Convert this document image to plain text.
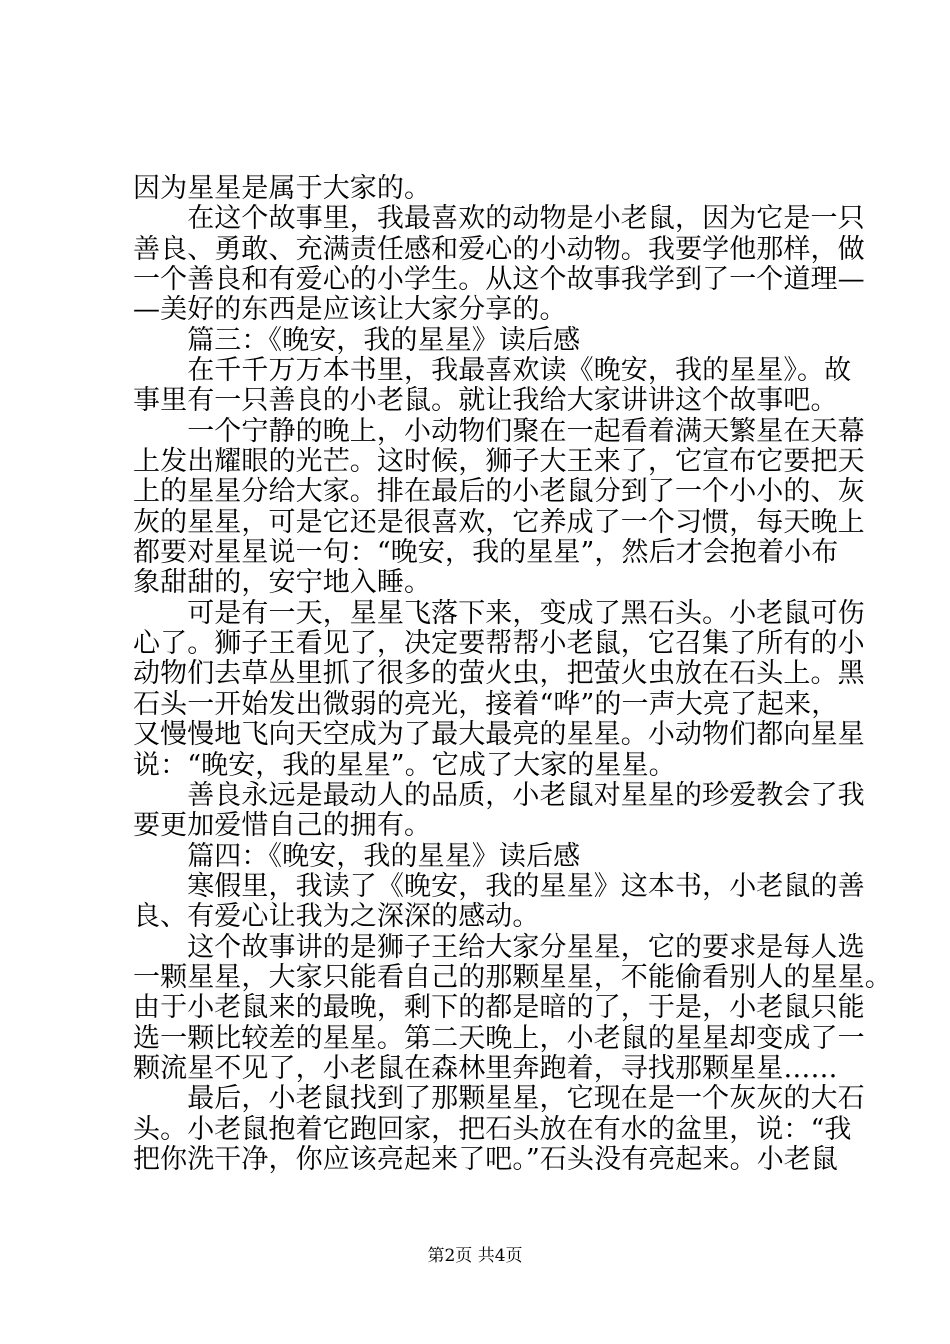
因为星星是属于大家的。
　　在这个故事里，我最喜欢的动物是小老鼠，因为它是一只
善良、勇敢、充满责任感和爱心的小动物。我要学他那样，做
一个善良和有爱心的小学生。从这个故事我学到了一个道理—
—美好的东西是应该让大家分享的。
　　篇三：《晚安，我的星星》读后感
　　在千千万万本书里，我最喜欢读《晚安，我的星星》。故
事里有一只善良的小老鼠。就让我给大家讲讲这个故事吧。
　　一个宁静的晚上，小动物们聚在一起看着满天繁星在天幕
上发出耀眼的光芒。这时候，狮子大王来了，它宣布它要把天
上的星星分给大家。排在最后的小老鼠分到了一个小小的、灰
灰的星星，可是它还是很喜欢，它养成了一个习惯，每天晚上
都要对星星说一句：“晚安，我的星星”，然后才会抱着小布
象甜甜的，安宁地入睡。
　　可是有一天，星星飞落下来，变成了黑石头。小老鼠可伤
心了。狮子王看见了，决定要帮帮小老鼠，它召集了所有的小
动物们去草丛里抓了很多的萤火虫，把萤火虫放在石头上。黑
石头一开始发出微弱的亮光，接着“哗”的一声大亮了起来，
又慢慢地飞向天空成为了最大最亮的星星。小动物们都向星星
说：“晚安，我的星星”。它成了大家的星星。
　　善良永远是最动人的品质，小老鼠对星星的珍爱教会了我
要更加爱惜自己的拥有。
　　篇四：《晚安，我的星星》读后感
　　寒假里，我读了《晚安，我的星星》这本书，小老鼠的善
良、有爱心让我为之深深的感动。
　　这个故事讲的是狮子王给大家分星星，它的要求是每人选
一颗星星，大家只能看自己的那颗星星，不能偷看别人的星星。
由于小老鼠来的最晚，剩下的都是暗的了，于是，小老鼠只能
选一颗比较差的星星。第二天晚上，小老鼠的星星却变成了一
颗流星不见了，小老鼠在森林里奔跑着，寻找那颗星星……
　　最后，小老鼠找到了那颗星星，它现在是一个灰灰的大石
头。小老鼠抱着它跑回家，把石头放在有水的盆里，说：“我
把你洗干净，你应该亮起来了吧。”石头没有亮起来。小老鼠
第2页 共4页
